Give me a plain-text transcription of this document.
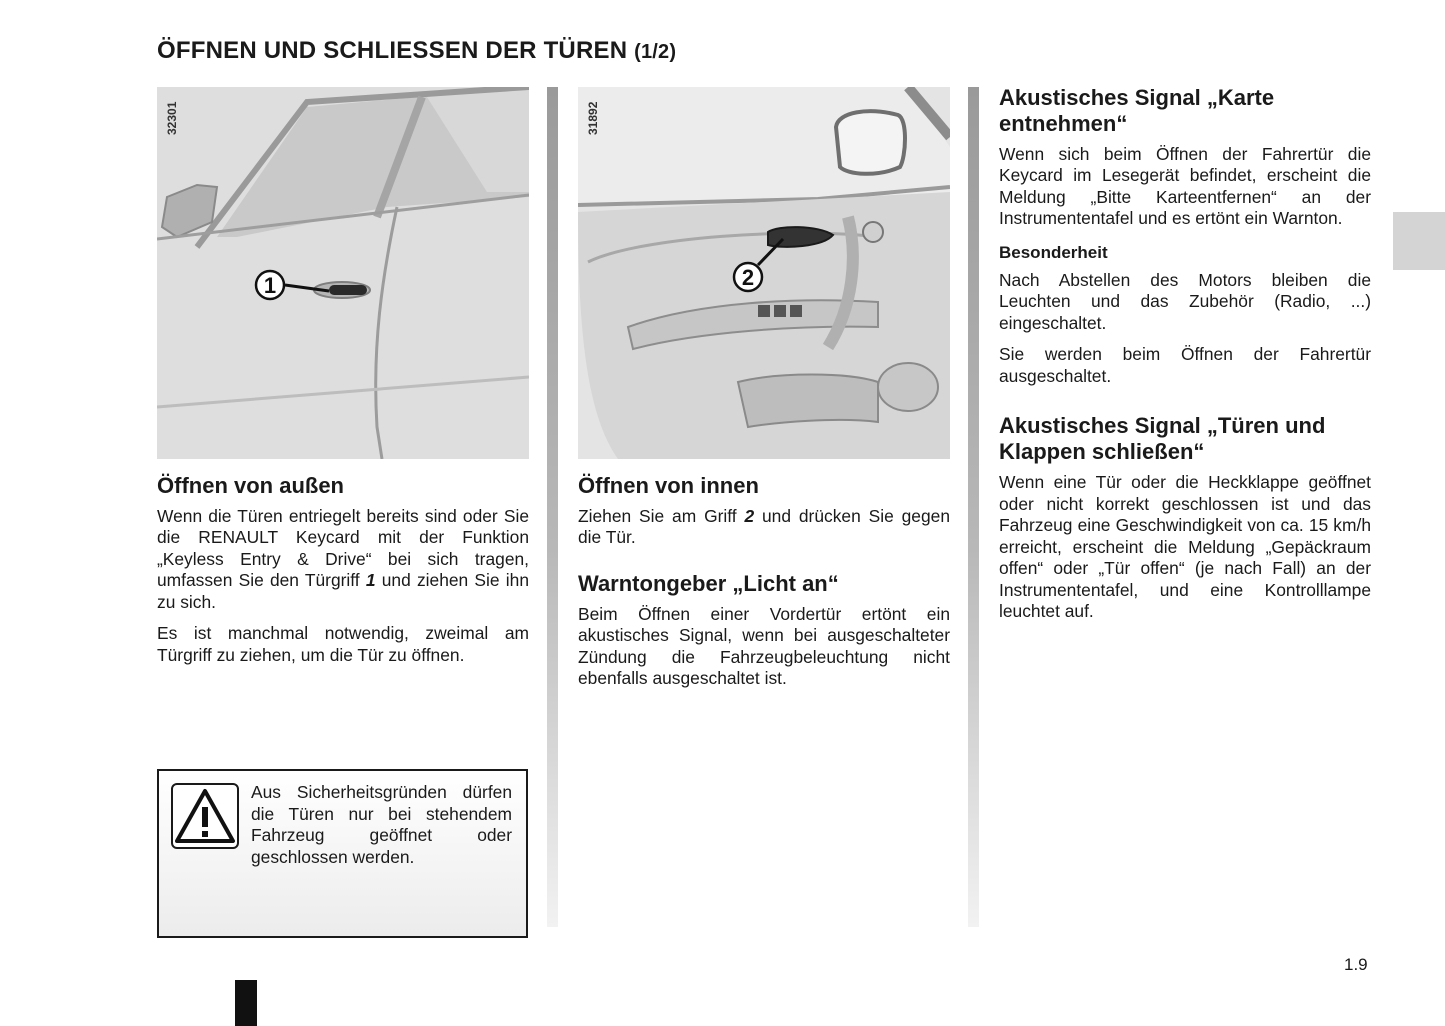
ÖFFNEN UND SCHLIESSEN DER TÜREN (1/2)
1
32301
Öffnen von außen

Wenn die Türen entriegelt bereits sind oder Sie die RENAULT Keycard mit der Funktion „Keyless Entry & Drive“ bei sich tragen, umfassen Sie den Türgriff 1 und ziehen Sie ihn zu sich.

Es ist manchmal notwendig, zweimal am Türgriff zu ziehen, um die Tür zu öffnen.

Aus Sicherheitsgründen dürfen die Türen nur bei stehendem Fahrzeug geöffnet oder geschlossen werden.

2
31892
Öffnen von innen

Ziehen Sie am Griff 2 und drücken Sie gegen die Tür.

Warntongeber „Licht an“

Beim Öffnen einer Vordertür ertönt ein akustisches Signal, wenn bei ausgeschalteter Zündung die Fahrzeugbeleuchtung nicht ebenfalls ausgeschaltet ist.

Akustisches Signal „Karte entnehmen“

Wenn sich beim Öffnen der Fahrertür die Keycard im Lesegerät befindet, erscheint die Meldung „Bitte Karteentfernen“ an der Instrumententafel und es ertönt ein Warnton.

Besonderheit

Nach Abstellen des Motors bleiben die Leuchten und das Zubehör (Radio, ...) eingeschaltet.

Sie werden beim Öffnen der Fahrertür ausgeschaltet.

Akustisches Signal „Türen und Klappen schließen“

Wenn eine Tür oder die Heckklappe geöffnet oder nicht korrekt geschlossen ist und das Fahrzeug eine Geschwindigkeit von ca. 15 km/h erreicht, erscheint die Meldung „Gepäckraum offen“ oder „Tür offen“ (je nach Fall) an der Instrumententafel, und eine Kontrolllampe leuchtet auf.

1.9
